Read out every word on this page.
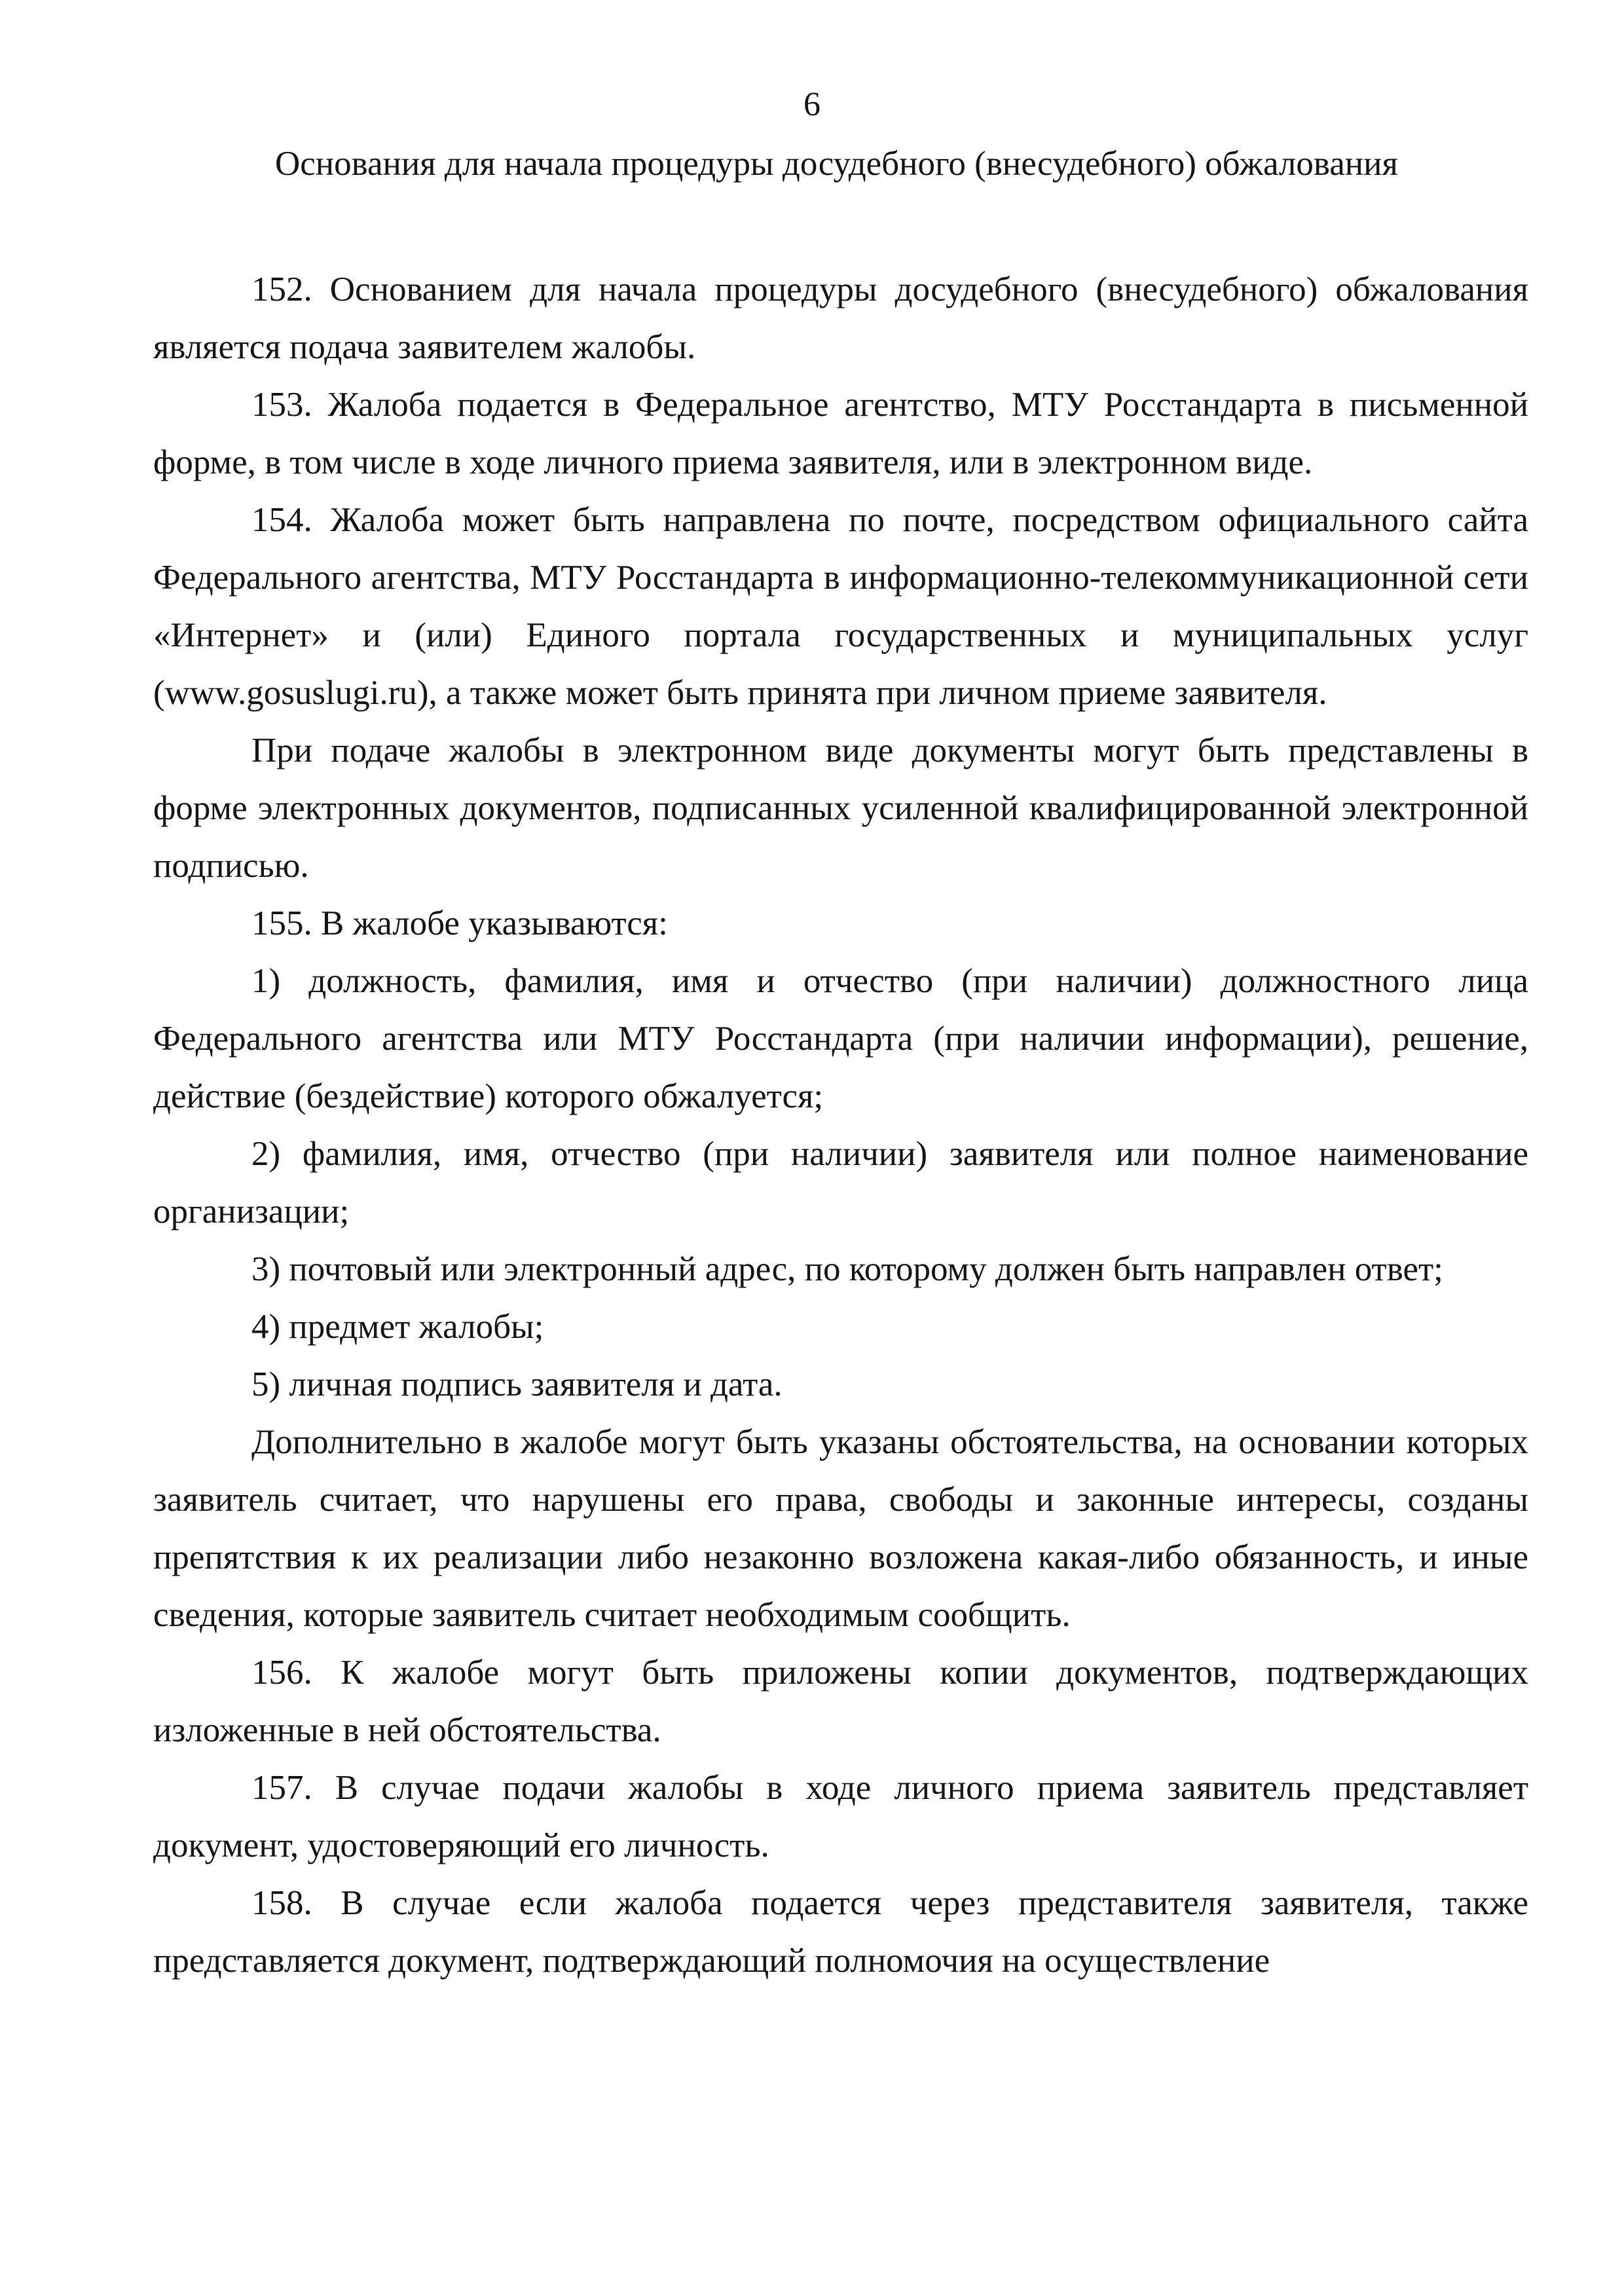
6
Основания для начала процедуры досудебного (внесудебного) обжалования

152. Основанием для начала процедуры досудебного (внесудебного) обжалования является подача заявителем жалобы.

153. Жалоба подается в Федеральное агентство, МТУ Росстандарта в письменной форме, в том числе в ходе личного приема заявителя, или в электронном виде.

154. Жалоба может быть направлена по почте, посредством официального сайта Федерального агентства, МТУ Росстандарта в информационно-телекоммуникационной сети «Интернет» и (или) Единого портала государственных и муниципальных услуг (www.gosuslugi.ru), а также может быть принята при личном приеме заявителя.

При подаче жалобы в электронном виде документы могут быть представлены в форме электронных документов, подписанных усиленной квалифицированной электронной подписью.

155. В жалобе указываются:

1) должность, фамилия, имя и отчество (при наличии) должностного лица Федерального агентства или МТУ Росстандарта (при наличии информации), решение, действие (бездействие) которого обжалуется;

2) фамилия, имя, отчество (при наличии) заявителя или полное наименование организации;

3) почтовый или электронный адрес, по которому должен быть направлен ответ;

4) предмет жалобы;

5) личная подпись заявителя и дата.

Дополнительно в жалобе могут быть указаны обстоятельства, на основании которых заявитель считает, что нарушены его права, свободы и законные интересы, созданы препятствия к их реализации либо незаконно возложена какая-либо обязанность, и иные сведения, которые заявитель считает необходимым сообщить.

156. К жалобе могут быть приложены копии документов, подтверждающих изложенные в ней обстоятельства.

157. В случае подачи жалобы в ходе личного приема заявитель представляет документ, удостоверяющий его личность.

158. В случае если жалоба подается через представителя заявителя, также представляется документ, подтверждающий полномочия на осуществление
